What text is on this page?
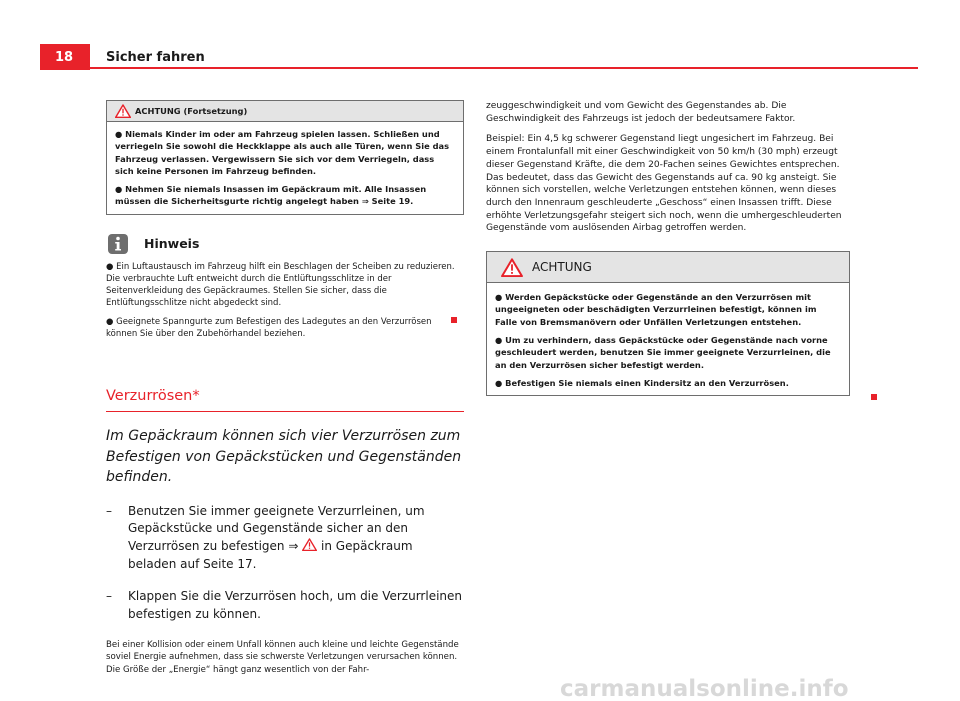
18	Sicher fahren
ACHTUNG (Fortsetzung)

● Niemals Kinder im oder am Fahrzeug spielen lassen. Schließen und verriegeln Sie sowohl die Heckklappe als auch alle Türen, wenn Sie das Fahrzeug verlassen. Vergewissern Sie sich vor dem Verriegeln, dass sich keine Personen im Fahrzeug befinden.

● Nehmen Sie niemals Insassen im Gepäckraum mit. Alle Insassen müssen die Sicherheitsgurte richtig angelegt haben ⇒ Seite 19.

Hinweis

● Ein Luftaustausch im Fahrzeug hilft ein Beschlagen der Scheiben zu reduzieren. Die verbrauchte Luft entweicht durch die Entlüftungsschlitze in der Seitenverkleidung des Gepäckraumes. Stellen Sie sicher, dass die Entlüftungsschlitze nicht abgedeckt sind.

● Geeignete Spanngurte zum Befestigen des Ladegutes an den Verzurrösen können Sie über den Zubehörhandel beziehen.

Verzurrösen*

Im Gepäckraum können sich vier Verzurrösen zum Befestigen von Gepäckstücken und Gegenständen befinden.

–	Benutzen Sie immer geeignete Verzurrleinen, um Gepäckstücke und Gegenstände sicher an den Verzurrösen zu befestigen ⇒ in Gepäckraum beladen auf Seite 17.
–	Klappen Sie die Verzurrösen hoch, um die Verzurrleinen befestigen zu können.

Bei einer Kollision oder einem Unfall können auch kleine und leichte Gegenstände soviel Energie aufnehmen, dass sie schwerste Verletzungen verursachen können. Die Größe der „Energie“ hängt ganz wesentlich von der Fahr-

zeuggeschwindigkeit und vom Gewicht des Gegenstandes ab. Die Geschwindigkeit des Fahrzeugs ist jedoch der bedeutsamere Faktor.

Beispiel: Ein 4,5 kg schwerer Gegenstand liegt ungesichert im Fahrzeug. Bei einem Frontalunfall mit einer Geschwindigkeit von 50 km/h (30 mph) erzeugt dieser Gegenstand Kräfte, die dem 20-Fachen seines Gewichtes entsprechen. Das bedeutet, dass das Gewicht des Gegenstands auf ca. 90 kg ansteigt. Sie können sich vorstellen, welche Verletzungen entstehen können, wenn dieses durch den Innenraum geschleuderte „Geschoss“ einen Insassen trifft. Diese erhöhte Verletzungsgefahr steigert sich noch, wenn die umhergeschleuderten Gegenstände vom auslösenden Airbag getroffen werden.

ACHTUNG

● Werden Gepäckstücke oder Gegenstände an den Verzurrösen mit ungeeigneten oder beschädigten Verzurrleinen befestigt, können im Falle von Bremsmanövern oder Unfällen Verletzungen entstehen.

● Um zu verhindern, dass Gepäckstücke oder Gegenstände nach vorne geschleudert werden, benutzen Sie immer geeignete Verzurrleinen, die an den Verzurrösen sicher befestigt werden.

● Befestigen Sie niemals einen Kindersitz an den Verzurrösen.

carmanualsonline.info
